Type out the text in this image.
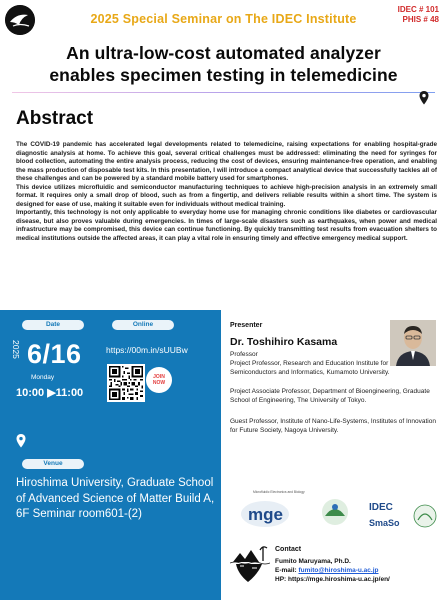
2025 Special Seminar on The IDEC Institute
IDEC # 101
PHIS # 48
An ultra-low-cost automated analyzer
enables specimen testing in telemedicine
Abstract

The COVID-19 pandemic has accelerated legal developments related to telemedicine, raising expectations for enabling hospital-grade diagnostic analysis at home. To achieve this goal, several critical challenges must be addressed: eliminating the need for syringes for blood collection, automating the entire analysis process, reducing the cost of devices, ensuring maintenance-free operation, and enabling the mass production of disposable test kits. In this presentation, I will introduce a compact analytical device that successfully tackles all of these challenges and can be powered by a standard mobile battery used for smartphones.

This device utilizes microfluidic and semiconductor manufacturing techniques to achieve high-precision analysis in an extremely small format. It requires only a small drop of blood, such as from a fingertip, and delivers reliable results within a short time. The system is designed for ease of use, making it suitable even for individuals without medical training.

Importantly, this technology is not only applicable to everyday home use for managing chronic conditions like diabetes or cardiovascular disease, but also proves valuable during emergencies. In times of large-scale disasters such as earthquakes, when power and medical infrastructure may be compromised, this device can continue functioning. By quickly transmitting test results from evacuation shelters to medical institutions outside the affected areas, it can play a vital role in ensuring timely and effective emergency medical support.

Date	Online
2025 6/16
Monday
10:00 ▶11:00
https://00m.in/sUUBw
JOIN
NOW
Venue
Hiroshima University, Graduate School of Advanced Science of Matter Build A, 6F Seminar room601-(2)
Presenter
Dr. Toshihiro Kasama
Professor
Project Professor, Research and Education Institute for Semiconductors and Informatics, Kumamoto University.
Project Associate Professor, Department of Bioengineering, Graduate School of Engineering, The University of Tokyo.
Guest Professor, Institute of Nano-Life-Systems, Institutes of Innovation for Future Society, Nagoya University.
Microfluidic Electronics and Biology
mge	IDEC
SmaSo
Contact
Fumito Maruyama, Ph.D.
E-mail: fumito@hiroshima-u.ac.jp
HP: https://mge.hiroshima-u.ac.jp/en/
